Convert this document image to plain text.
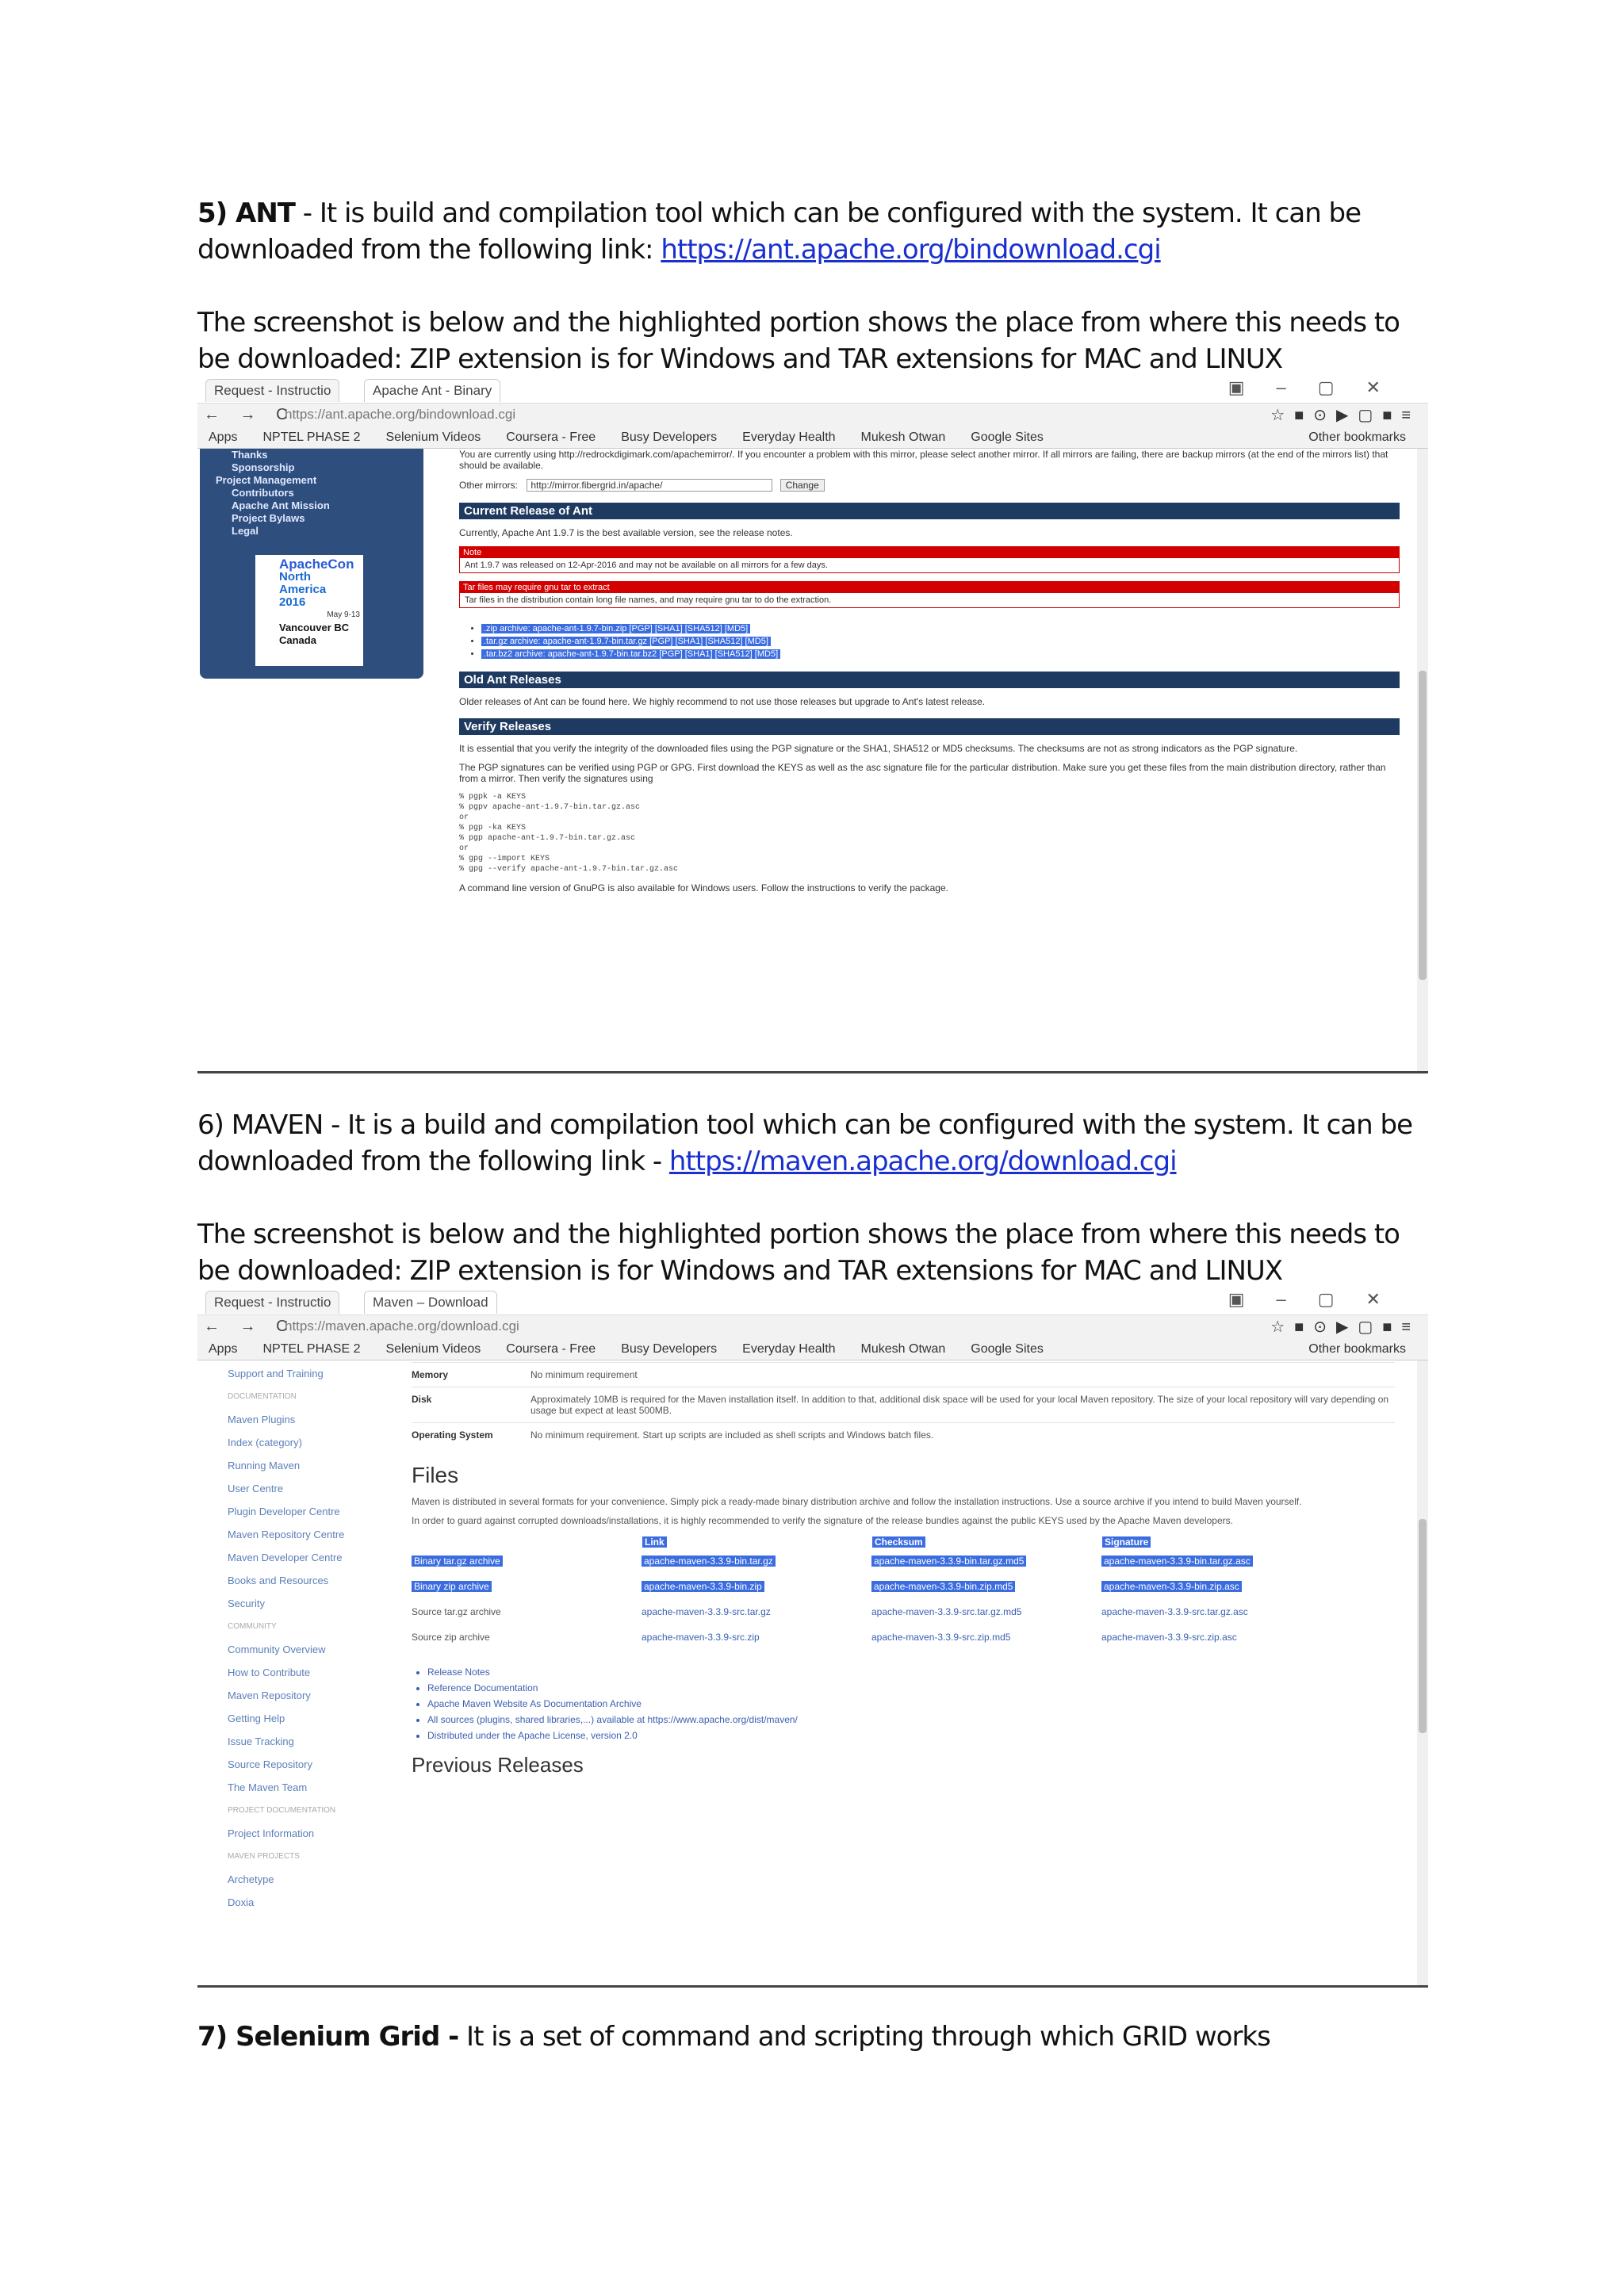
5) ANT - It is build and compilation tool which can be configured with the system. It can be downloaded from the following link: https://ant.apache.org/bindownload.cgi
The screenshot is below and the highlighted portion shows the place from where this needs to be downloaded: ZIP extension is for Windows and TAR extensions for MAC and LINUX
Request - Instructio	Apache Ant - Binary	▣–▢✕
← → C
https://ant.apache.org/bindownload.cgi	☆■⊙▶▢■≡
Apps NPTEL PHASE 2 Selenium Videos Coursera - Free Busy Developers Everyday Health Mukesh Otwan Google Sites	Other bookmarks
Thanks
Sponsorship
Project Management
Contributors
Apache Ant Mission
Project Bylaws
Legal
ApacheCon
North America
2016
May 9-13
Vancouver BC
Canada
You are currently using http://redrockdigimark.com/apachemirror/. If you encounter a problem with this mirror, please select another mirror. If all mirrors are failing, there are backup mirrors (at the end of the mirrors list) that should be available.
Other mirrors: http://mirror.fibergrid.in/apache/	Change
Current Release of Ant
Currently, Apache Ant 1.9.7 is the best available version, see the release notes.
Note
Ant 1.9.7 was released on 12-Apr-2016 and may not be available on all mirrors for a few days.
Tar files may require gnu tar to extract
Tar files in the distribution contain long file names, and may require gnu tar to do the extraction.
• .zip archive: apache-ant-1.9.7-bin.zip [PGP] [SHA1] [SHA512] [MD5]
• .tar.gz archive: apache-ant-1.9.7-bin.tar.gz [PGP] [SHA1] [SHA512] [MD5]
• .tar.bz2 archive: apache-ant-1.9.7-bin.tar.bz2 [PGP] [SHA1] [SHA512] [MD5]
Old Ant Releases
Older releases of Ant can be found here. We highly recommend to not use those releases but upgrade to Ant's latest release.
Verify Releases
It is essential that you verify the integrity of the downloaded files using the PGP signature or the SHA1, SHA512 or MD5 checksums. The checksums are not as strong indicators as the PGP signature.
The PGP signatures can be verified using PGP or GPG. First download the KEYS as well as the asc signature file for the particular distribution. Make sure you get these files from the main distribution directory, rather than from a mirror. Then verify the signatures using
% pgpk -a KEYS
% pgpv apache-ant-1.9.7-bin.tar.gz.asc
or
% pgp -ka KEYS
% pgp apache-ant-1.9.7-bin.tar.gz.asc
or
% gpg --import KEYS
% gpg --verify apache-ant-1.9.7-bin.tar.gz.asc
A command line version of GnuPG is also available for Windows users. Follow the instructions to verify the package.
6) MAVEN - It is a build and compilation tool which can be configured with the system. It can be downloaded from the following link - https://maven.apache.org/download.cgi
The screenshot is below and the highlighted portion shows the place from where this needs to be downloaded: ZIP extension is for Windows and TAR extensions for MAC and LINUX
Request - Instructio	Maven – Download	▣–▢✕
← → C
https://maven.apache.org/download.cgi	☆■⊙▶▢■≡
Apps NPTEL PHASE 2 Selenium Videos Coursera - Free Busy Developers Everyday Health Mukesh Otwan Google Sites	Other bookmarks
Support and Training
DOCUMENTATION
Maven Plugins
Index (category)
Running Maven
User Centre
Plugin Developer Centre
Maven Repository Centre
Maven Developer Centre
Books and Resources
Security
COMMUNITY
Community Overview
How to Contribute
Maven Repository
Getting Help
Issue Tracking
Source Repository
The Maven Team
PROJECT DOCUMENTATION
Project Information
MAVEN PROJECTS
Archetype
Doxia
Memory	No minimum requirement
Disk	Approximately 10MB is required for the Maven installation itself. In addition to that, additional disk space will be used for your local Maven repository. The size of your local repository will vary depending on usage but expect at least 500MB.
Operating System	No minimum requirement. Start up scripts are included as shell scripts and Windows batch files.
Files
Maven is distributed in several formats for your convenience. Simply pick a ready-made binary distribution archive and follow the installation instructions. Use a source archive if you intend to build Maven yourself.
In order to guard against corrupted downloads/installations, it is highly recommended to verify the signature of the release bundles against the public KEYS used by the Apache Maven developers.
	Link	Checksum	Signature
Binary tar.gz archive	apache-maven-3.3.9-bin.tar.gz	apache-maven-3.3.9-bin.tar.gz.md5	apache-maven-3.3.9-bin.tar.gz.asc
Binary zip archive	apache-maven-3.3.9-bin.zip	apache-maven-3.3.9-bin.zip.md5	apache-maven-3.3.9-bin.zip.asc
Source tar.gz archive	apache-maven-3.3.9-src.tar.gz	apache-maven-3.3.9-src.tar.gz.md5	apache-maven-3.3.9-src.tar.gz.asc
Source zip archive	apache-maven-3.3.9-src.zip	apache-maven-3.3.9-src.zip.md5	apache-maven-3.3.9-src.zip.asc
• Release Notes
• Reference Documentation
• Apache Maven Website As Documentation Archive
• All sources (plugins, shared libraries,...) available at https://www.apache.org/dist/maven/
• Distributed under the Apache License, version 2.0
Previous Releases
7) Selenium Grid - It is a set of command and scripting through which GRID works
